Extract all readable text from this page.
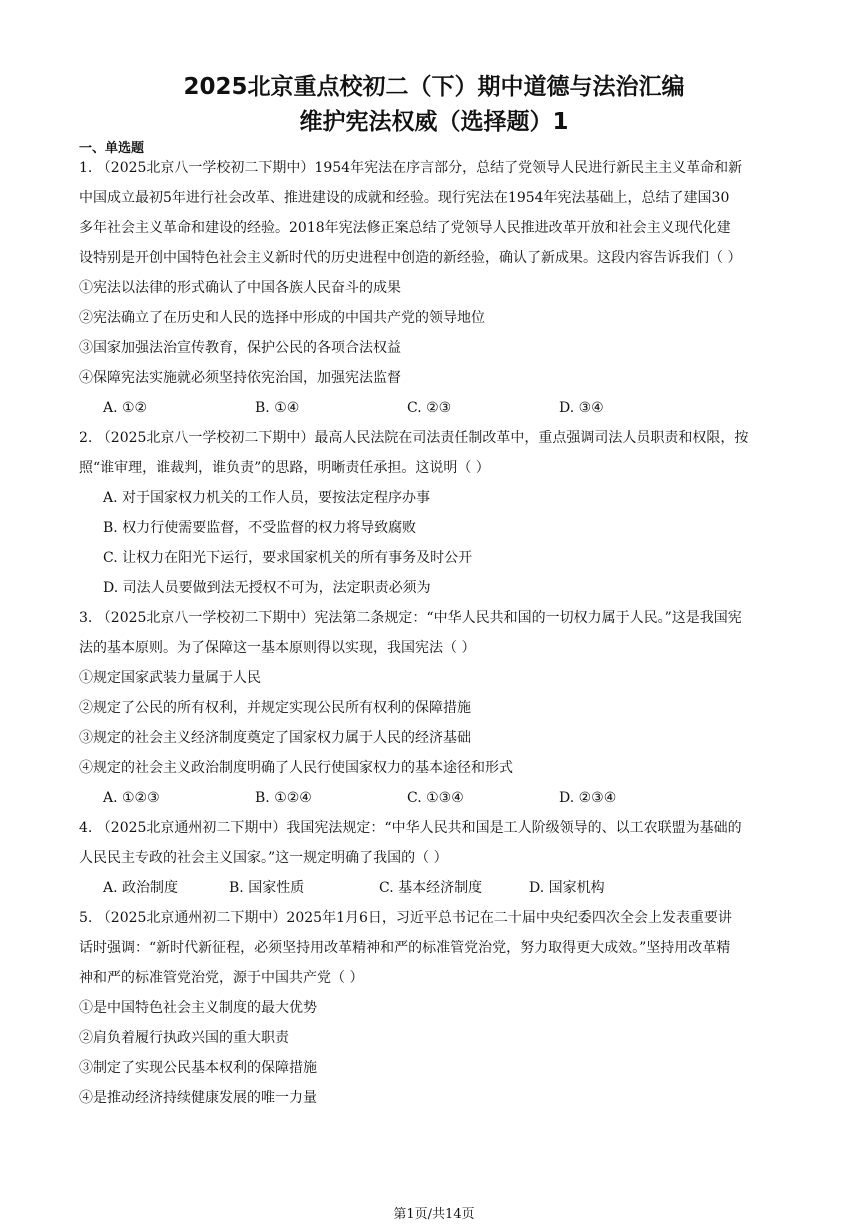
2025北京重点校初二（下）期中道德与法治汇编
维护宪法权威（选择题）1
一、单选题
1. （2025北京八一学校初二下期中）1954年宪法在序言部分，总结了党领导人民进行新民主主义革命和新
中国成立最初5年进行社会改革、推进建设的成就和经验。现行宪法在1954年宪法基础上，总结了建国30
多年社会主义革命和建设的经验。2018年宪法修正案总结了党领导人民推进改革开放和社会主义现代化建
设特别是开创中国特色社会主义新时代的历史进程中创造的新经验，确认了新成果。这段内容告诉我们（ ）
①宪法以法律的形式确认了中国各族人民奋斗的成果
②宪法确立了在历史和人民的选择中形成的中国共产党的领导地位
③国家加强法治宣传教育，保护公民的各项合法权益
④保障宪法实施就必须坚持依宪治国，加强宪法监督
A. ①②	B. ①④	C. ②③	D. ③④
2. （2025北京八一学校初二下期中）最高人民法院在司法责任制改革中，重点强调司法人员职责和权限，按
照“谁审理，谁裁判，谁负责”的思路，明晰责任承担。这说明（ ）
A. 对于国家权力机关的工作人员，要按法定程序办事
B. 权力行使需要监督，不受监督的权力将导致腐败
C. 让权力在阳光下运行，要求国家机关的所有事务及时公开
D. 司法人员要做到法无授权不可为，法定职责必须为
3. （2025北京八一学校初二下期中）宪法第二条规定：“中华人民共和国的一切权力属于人民。”这是我国宪
法的基本原则。为了保障这一基本原则得以实现，我国宪法（ ）
①规定国家武装力量属于人民
②规定了公民的所有权利，并规定实现公民所有权利的保障措施
③规定的社会主义经济制度奠定了国家权力属于人民的经济基础
④规定的社会主义政治制度明确了人民行使国家权力的基本途径和形式
A. ①②③	B. ①②④	C. ①③④	D. ②③④
4. （2025北京通州初二下期中）我国宪法规定：“中华人民共和国是工人阶级领导的、以工农联盟为基础的
人民民主专政的社会主义国家。”这一规定明确了我国的（ ）
A. 政治制度	B. 国家性质	C. 基本经济制度	D. 国家机构
5. （2025北京通州初二下期中）2025年1月6日，习近平总书记在二十届中央纪委四次全会上发表重要讲
话时强调：“新时代新征程，必须坚持用改革精神和严的标准管党治党，努力取得更大成效。”坚持用改革精
神和严的标准管党治党，源于中国共产党（ ）
①是中国特色社会主义制度的最大优势
②肩负着履行执政兴国的重大职责
③制定了实现公民基本权利的保障措施
④是推动经济持续健康发展的唯一力量
第1页/共14页
